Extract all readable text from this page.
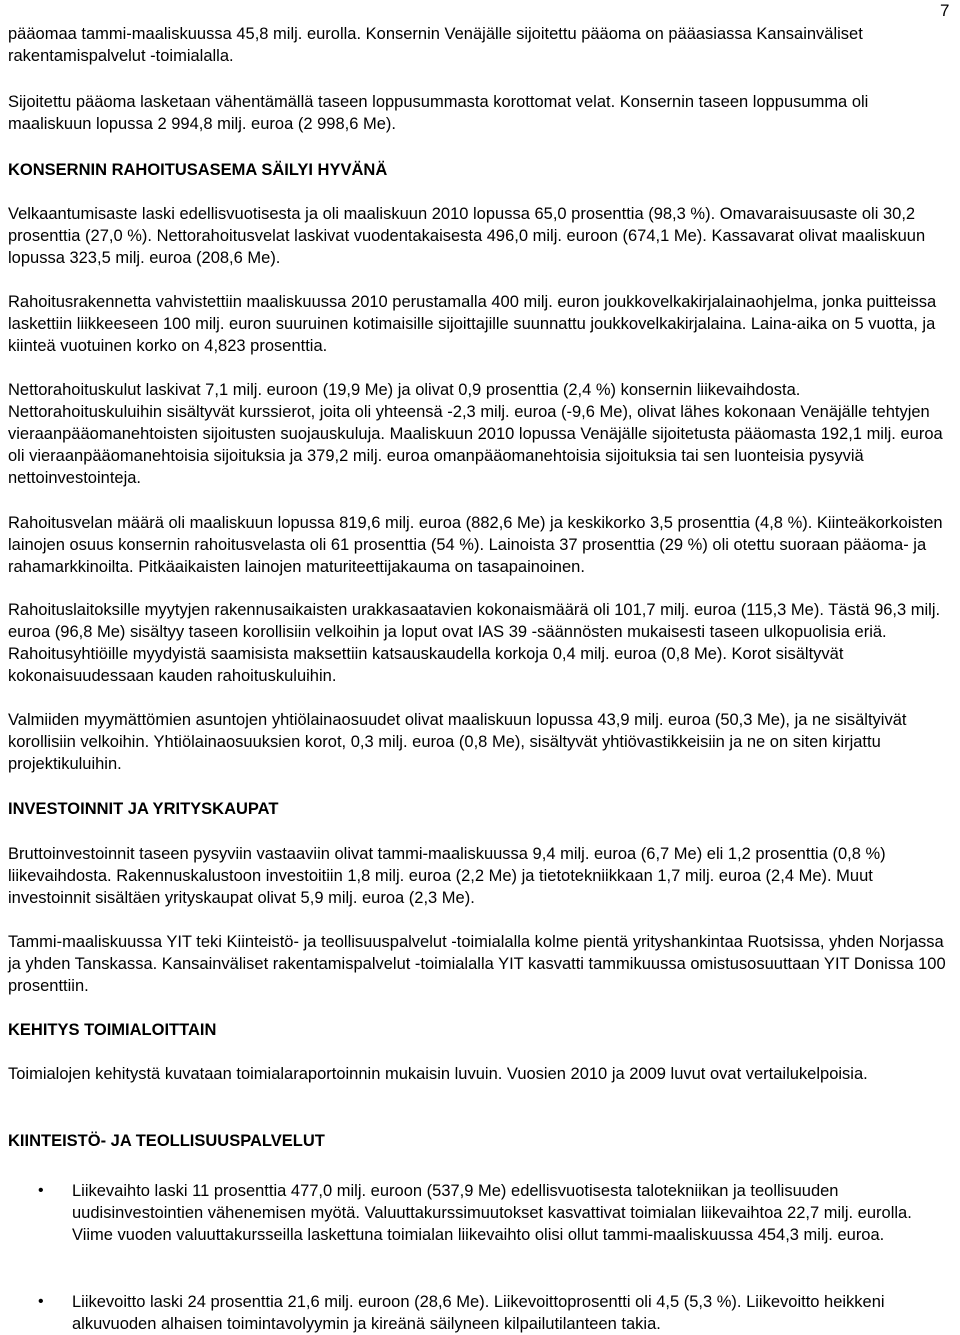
7

pääomaa tammi-maaliskuussa 45,8 milj. eurolla. Konsernin Venäjälle sijoitettu pääoma on pääasiassa Kansainväliset rakentamispalvelut -toimialalla.

Sijoitettu pääoma lasketaan vähentämällä taseen loppusummasta korottomat velat. Konsernin taseen loppusumma oli maaliskuun lopussa 2 994,8 milj. euroa (2 998,6 Me).

KONSERNIN RAHOITUSASEMA SÄILYI HYVÄNÄ

Velkaantumisaste laski edellisvuotisesta ja oli maaliskuun 2010 lopussa 65,0 prosenttia (98,3 %). Omavaraisuusaste oli 30,2 prosenttia (27,0 %). Nettorahoitusvelat laskivat vuodentakaisesta 496,0 milj. euroon (674,1 Me). Kassavarat olivat maaliskuun lopussa 323,5 milj. euroa (208,6 Me).

Rahoitusrakennetta vahvistettiin maaliskuussa 2010 perustamalla 400 milj. euron joukkovelkakirjalainaohjelma, jonka puitteissa laskettiin liikkeeseen 100 milj. euron suuruinen kotimaisille sijoittajille suunnattu joukkovelkakirjalaina. Laina-aika on 5 vuotta, ja kiinteä vuotuinen korko on 4,823 prosenttia.

Nettorahoituskulut laskivat 7,1 milj. euroon (19,9 Me) ja olivat 0,9 prosenttia (2,4 %) konsernin liikevaihdosta. Nettorahoituskuluihin sisältyvät kurssierot, joita oli yhteensä -2,3 milj. euroa (-9,6 Me), olivat lähes kokonaan Venäjälle tehtyjen vieraanpääomanehtoisten sijoitusten suojauskuluja. Maaliskuun 2010 lopussa Venäjälle sijoitetusta pääomasta 192,1 milj. euroa oli vieraanpääomanehtoisia sijoituksia ja 379,2 milj. euroa omanpääomanehtoisia sijoituksia tai sen luonteisia pysyviä nettoinvestointeja.

Rahoitusvelan määrä oli maaliskuun lopussa 819,6 milj. euroa (882,6 Me) ja keskikorko 3,5 prosenttia (4,8 %). Kiinteäkorkoisten lainojen osuus konsernin rahoitusvelasta oli 61 prosenttia (54 %). Lainoista 37 prosenttia (29 %) oli otettu suoraan pääoma- ja rahamarkkinoilta. Pitkäaikaisten lainojen maturiteettijakauma on tasapainoinen.

Rahoituslaitoksille myytyjen rakennusaikaisten urakkasaatavien kokonaismäärä oli 101,7 milj. euroa (115,3 Me). Tästä 96,3 milj. euroa (96,8 Me) sisältyy taseen korollisiin velkoihin ja loput ovat IAS 39 -säännösten mukaisesti taseen ulkopuolisia eriä. Rahoitusyhtiöille myydyistä saamisista maksettiin katsauskaudella korkoja 0,4 milj. euroa (0,8 Me). Korot sisältyvät kokonaisuudessaan kauden rahoituskuluihin.

Valmiiden myymättömien asuntojen yhtiölainaosuudet olivat maaliskuun lopussa 43,9 milj. euroa (50,3 Me), ja ne sisältyivät korollisiin velkoihin. Yhtiölainaosuuksien korot, 0,3 milj. euroa (0,8 Me), sisältyvät yhtiövastikkeisiin ja ne on siten kirjattu projektikuluihin.

INVESTOINNIT JA YRITYSKAUPAT

Bruttoinvestoinnit taseen pysyviin vastaaviin olivat tammi-maaliskuussa 9,4 milj. euroa (6,7 Me) eli 1,2 prosenttia (0,8 %) liikevaihdosta. Rakennuskalustoon investoitiin 1,8 milj. euroa (2,2 Me) ja tietotekniikkaan 1,7 milj. euroa (2,4 Me). Muut investoinnit sisältäen yrityskaupat olivat 5,9 milj. euroa (2,3 Me).

Tammi-maaliskuussa YIT teki Kiinteistö- ja teollisuuspalvelut -toimialalla kolme pientä yrityshankintaa Ruotsissa, yhden Norjassa ja yhden Tanskassa. Kansainväliset rakentamispalvelut -toimialalla YIT kasvatti tammikuussa omistusosuuttaan YIT Donissa 100 prosenttiin.

KEHITYS TOIMIALOITTAIN

Toimialojen kehitystä kuvataan toimialaraportoinnin mukaisin luvuin. Vuosien 2010 ja 2009 luvut ovat vertailukelpoisia.

KIINTEISTÖ- JA TEOLLISUUSPALVELUT

• Liikevaihto laski 11 prosenttia 477,0 milj. euroon (537,9 Me) edellisvuotisesta talotekniikan ja teollisuuden uudisinvestointien vähenemisen myötä. Valuuttakurssimuutokset kasvattivat toimialan liikevaihtoa 22,7 milj. eurolla. Viime vuoden valuuttakursseilla laskettuna toimialan liikevaihto olisi ollut tammi-maaliskuussa 454,3 milj. euroa.
• Liikevoitto laski 24 prosenttia 21,6 milj. euroon (28,6 Me). Liikevoittoprosentti oli 4,5 (5,3 %). Liikevoitto heikkeni alkuvuoden alhaisen toimintavolyymin ja kireänä säilyneen kilpailutilanteen takia.
